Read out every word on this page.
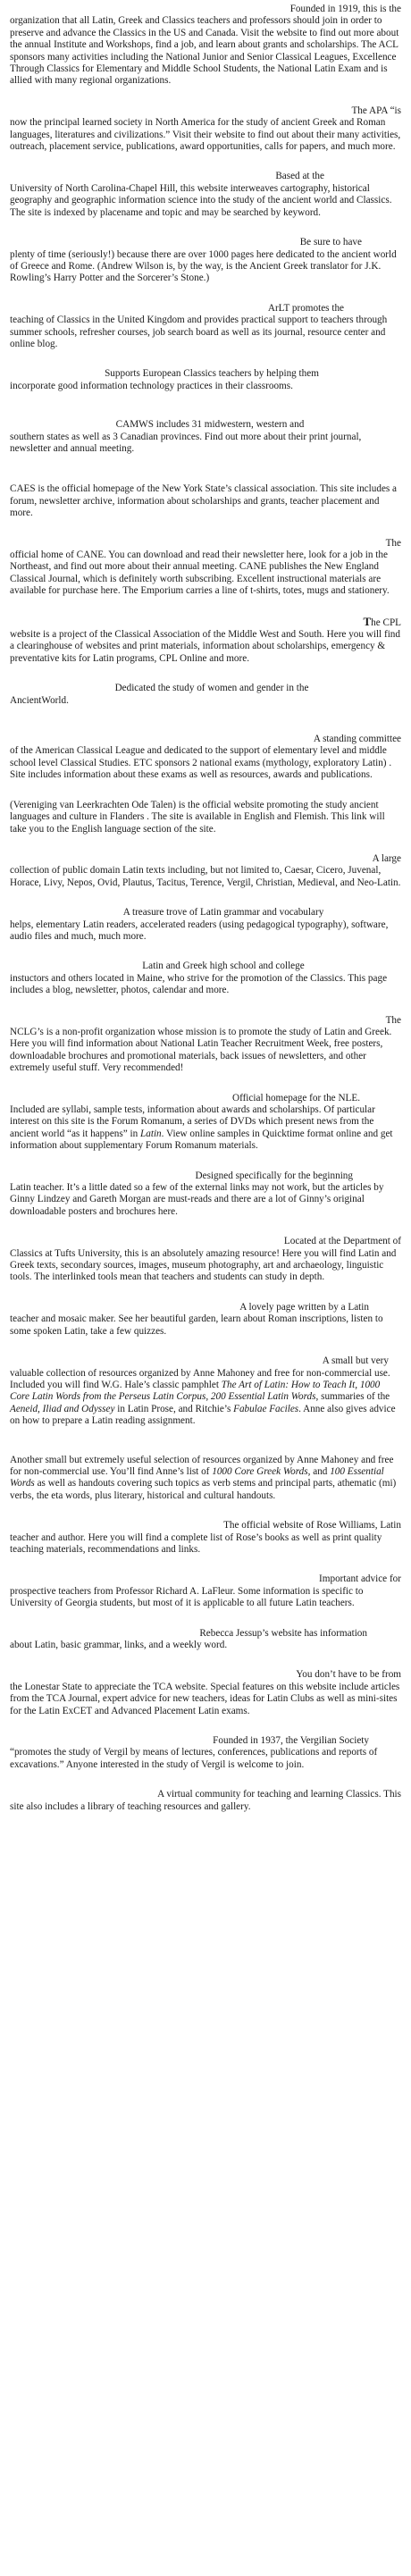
Founded in 1919, this is the

organization that all Latin, Greek and Classics teachers and professors should join in order to preserve and advance the Classics in the US and Canada. Visit the website to find out more about the annual Institute and Workshops, find a job, and learn about grants and scholarships. The ACL sponsors many activities including the National Junior and Senior Classical Leagues, Excellence Through Classics for Elementary and Middle School Students, the National Latin Exam and is allied with many regional organizations.

The APA “is

now the principal learned society in North America for the study of ancient Greek and Roman languages, literatures and civilizations.” Visit their website to find out about their many activities, outreach, placement service, publications, award opportunities, calls for papers, and much more.

Based at the

University of North Carolina-Chapel Hill, this website interweaves cartography, historical geography and geographic information science into the study of the ancient world and Classics. The site is indexed by placename and topic and may be searched by keyword.

Be sure to have

plenty of time (seriously!) because there are over 1000 pages here dedicated to the ancient world of Greece and Rome. (Andrew Wilson is, by the way, is the Ancient Greek translator for J.K. Rowling’s Harry Potter and the Sorcerer’s Stone.)

ArLT promotes the

teaching of Classics in the United Kingdom and provides practical support to teachers through summer schools, refresher courses, job search board as well as its journal, resource center and online blog.

Supports European Classics teachers by helping them

incorporate good information technology practices in their classrooms.

CAMWS includes 31 midwestern, western and

southern states as well as 3 Canadian provinces. Find out more about their print journal, newsletter and annual meeting.

CAES is the official homepage of the New York State’s classical association. This site includes a forum, newsletter archive, information about scholarships and grants, teacher placement and more.

The

official home of CANE. You can download and read their newsletter here, look for a job in the Northeast, and find out more about their annual meeting. CANE publishes the New England Classical Journal, which is definitely worth subscribing. Excellent instructional materials are available for purchase here. The Emporium carries a line of t-shirts, totes, mugs and stationery.

The CPL

website is a project of the Classical Association of the Middle West and South. Here you will find a clearinghouse of websites and print materials, information about scholarships, emergency & preventative kits for Latin programs, CPL Online and more.

Dedicated the study of women and gender in the

AncientWorld.

A standing committee

of the American Classical League and dedicated to the support of elementary level and middle school level Classical Studies. ETC sponsors 2 national exams (mythology, exploratory Latin) . Site includes information about these exams as well as resources, awards and publications.

(Vereniging van Leerkrachten Ode Talen) is the official website promoting the study ancient languages and culture in Flanders . The site is available in English and Flemish. This link will take you to the English language section of the site.

A large

collection of public domain Latin texts including, but not limited to, Caesar, Cicero, Juvenal, Horace, Livy, Nepos, Ovid, Plautus, Tacitus, Terence, Vergil, Christian, Medieval, and Neo-Latin.

A treasure trove of Latin grammar and vocabulary

helps, elementary Latin readers, accelerated readers (using pedagogical typography), software, audio files and much, much more.

Latin and Greek high school and college

instuctors and others located in Maine, who strive for the promotion of the Classics. This page includes a blog, newsletter, photos, calendar and more.

The

NCLG’s is a non-profit organization whose mission is to promote the study of Latin and Greek. Here you will find information about National Latin Teacher Recruitment Week, free posters, downloadable brochures and promotional materials, back issues of newsletters, and other extremely useful stuff. Very recommended!

Official homepage for the NLE.

Included are syllabi, sample tests, information about awards and scholarships. Of particular interest on this site is the Forum Romanum, a series of DVDs which present news from the ancient world “as it happens” in Latin. View online samples in Quicktime format online and get information about supplementary Forum Romanum materials.

Designed specifically for the beginning

Latin teacher. It’s a little dated so a few of the external links may not work, but the articles by Ginny Lindzey and Gareth Morgan are must-reads and there are a lot of Ginny’s original downloadable posters and brochures here.

Located at the Department of

Classics at Tufts University, this is an absolutely amazing resource! Here you will find Latin and Greek texts, secondary sources, images, museum photography, art and archaeology, linguistic tools. The interlinked tools mean that teachers and students can study in depth.

A lovely page written by a Latin

teacher and mosaic maker. See her beautiful garden, learn about Roman inscriptions, listen to some spoken Latin, take a few quizzes.

A small but very

valuable collection of resources organized by Anne Mahoney and free for non-commercial use. Included you will find W.G. Hale’s classic pamphlet The Art of Latin: How to Teach It, 1000 Core Latin Words from the Perseus Latin Corpus, 200 Essential Latin Words, summaries of the Aeneid, Iliad and Odyssey in Latin Prose, and Ritchie’s Fabulae Faciles. Anne also gives advice on how to prepare a Latin reading assignment.

Another small but extremely useful selection of resources organized by Anne Mahoney and free for non-commercial use. You’ll find Anne’s list of 1000 Core Greek Words, and 100 Essential Words as well as handouts covering such topics as verb stems and principal parts, athematic (mi) verbs, the eta words, plus literary, historical and cultural handouts.

The official website of Rose Williams, Latin

teacher and author. Here you will find a complete list of Rose’s books as well as print quality teaching materials, recommendations and links.

Important advice for

prospective teachers from Professor Richard A. LaFleur. Some information is specific to University of Georgia students, but most of it is applicable to all future Latin teachers.

Rebecca Jessup’s website has information

about Latin, basic grammar, links, and a weekly word.

You don’t have to be from

the Lonestar State to appreciate the TCA website. Special features on this website include articles from the TCA Journal, expert advice for new teachers, ideas for Latin Clubs as well as mini-sites for the Latin ExCET and Advanced Placement Latin exams.

Founded in 1937, the Vergilian Society

“promotes the study of Vergil by means of lectures, conferences, publications and reports of excavations.” Anyone interested in the study of Vergil is welcome to join.

A virtual community for teaching and learning Classics. This

site also includes a library of teaching resources and gallery.
